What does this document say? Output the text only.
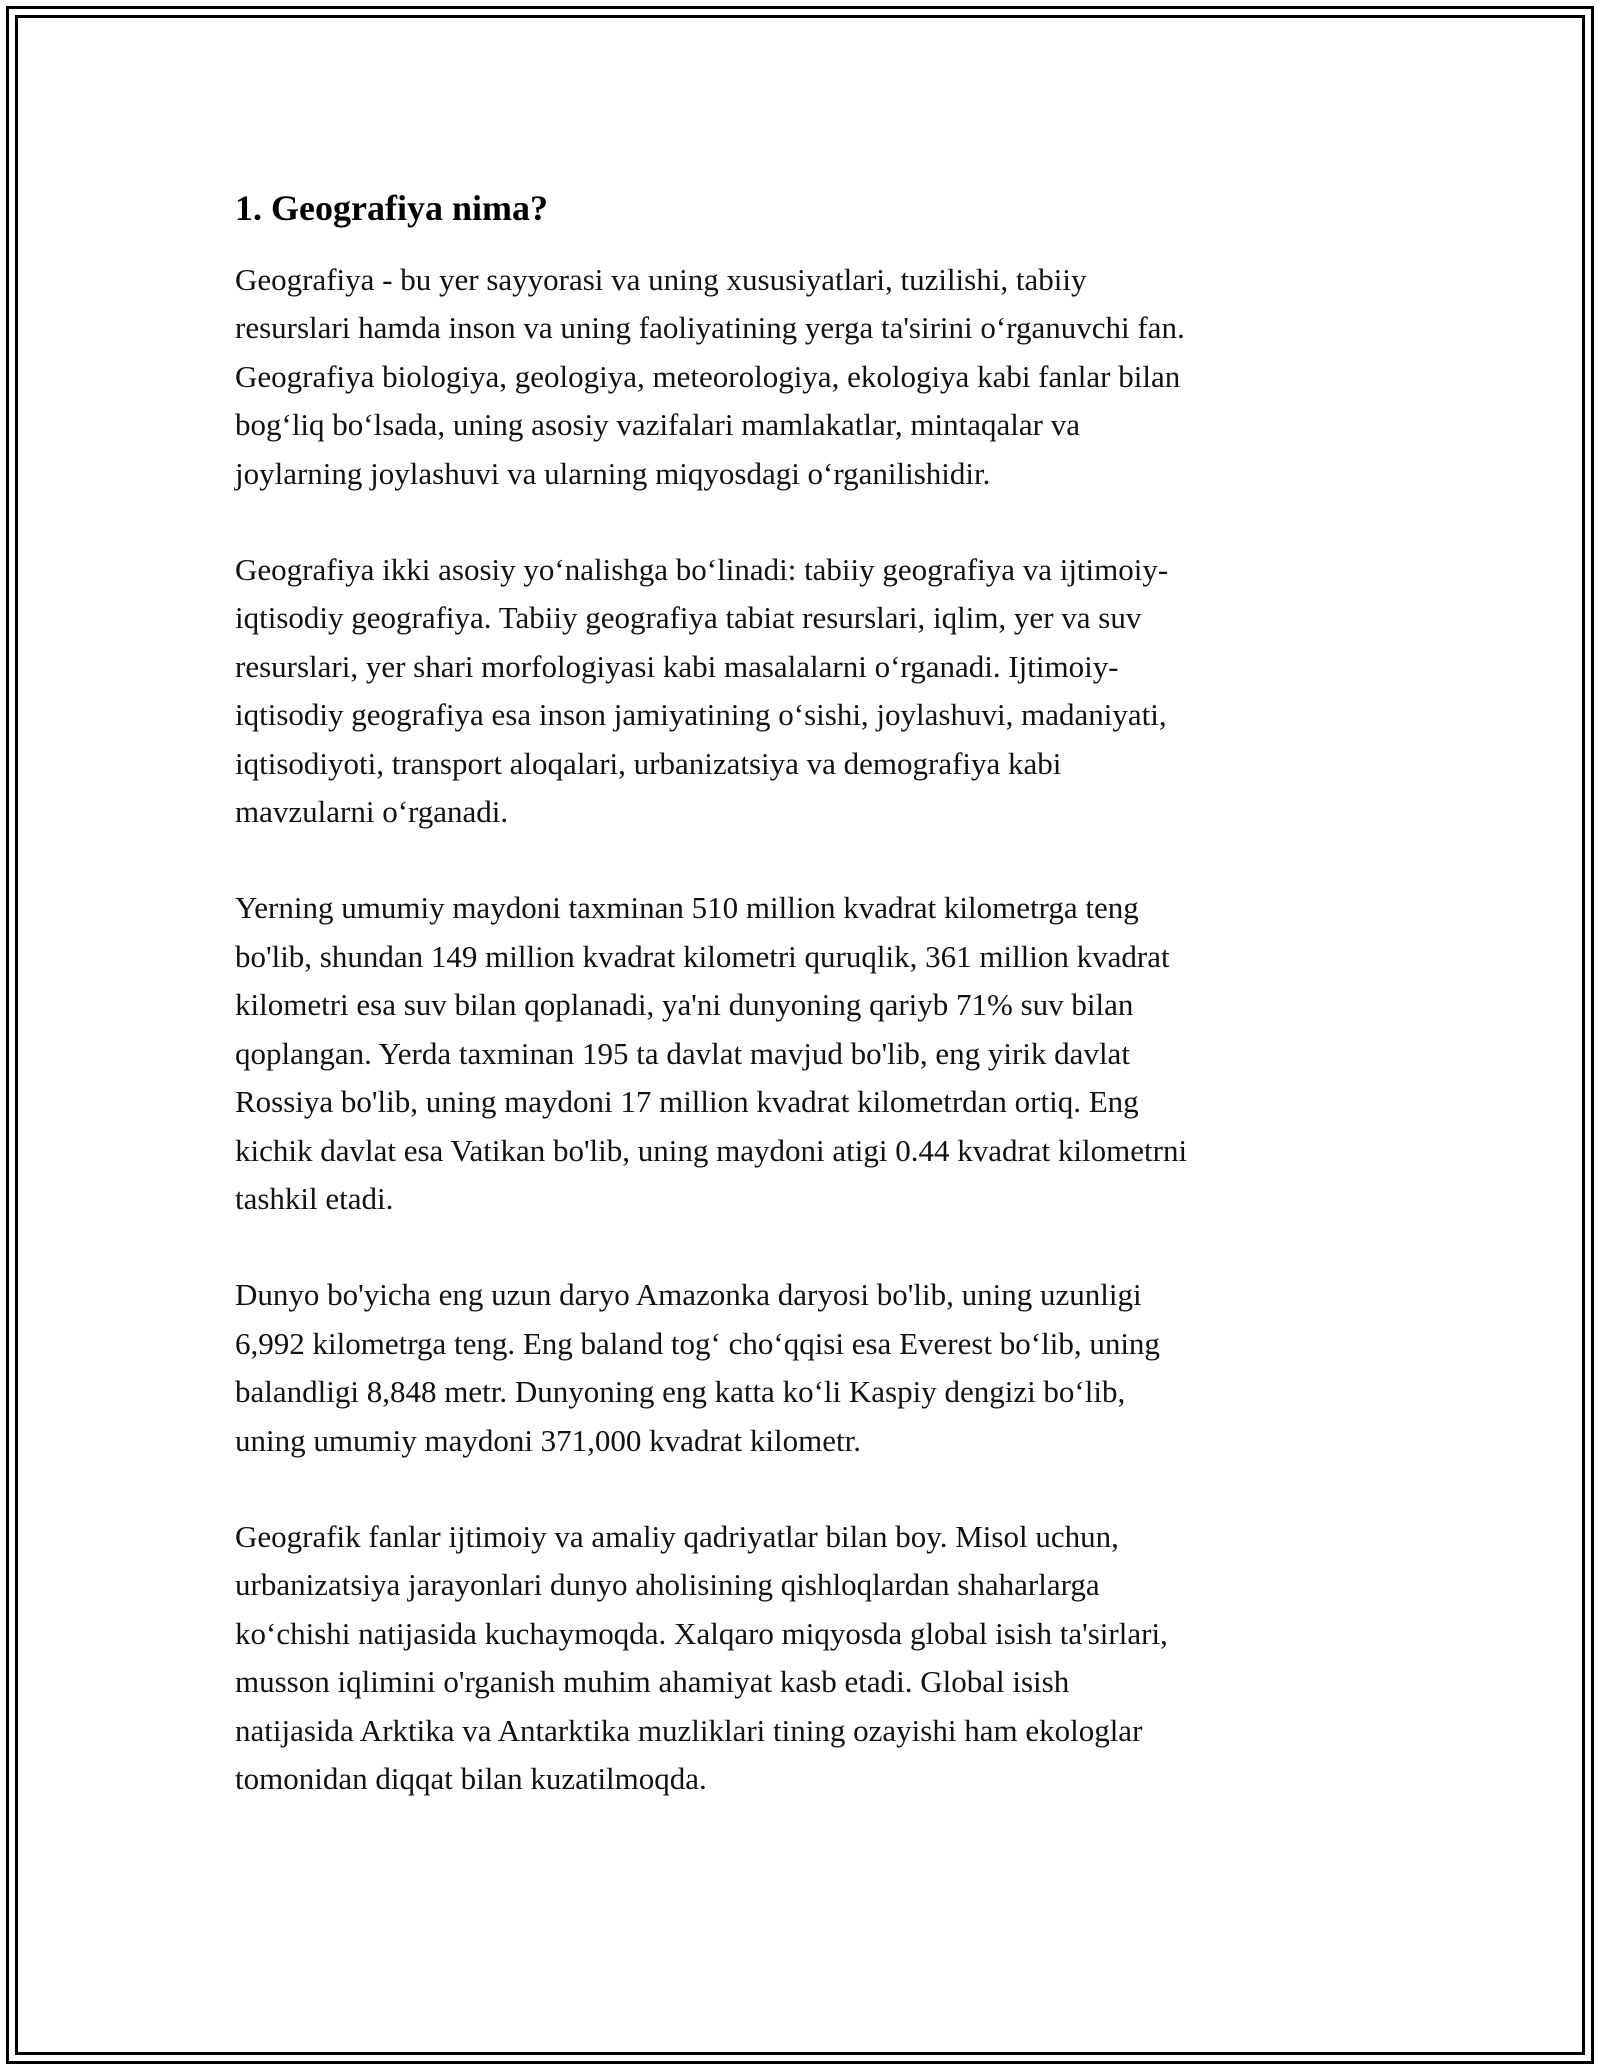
1. Geografiya nima?

Geografiya - bu yer sayyorasi va uning xususiyatlari, tuzilishi, tabiiy
resurslari hamda inson va uning faoliyatining yerga ta'sirini o‘rganuvchi fan.
Geografiya biologiya, geologiya, meteorologiya, ekologiya kabi fanlar bilan
bog‘liq bo‘lsada, uning asosiy vazifalari mamlakatlar, mintaqalar va
joylarning joylashuvi va ularning miqyosdagi o‘rganilishidir.

Geografiya ikki asosiy yo‘nalishga bo‘linadi: tabiiy geografiya va ijtimoiy-
iqtisodiy geografiya. Tabiiy geografiya tabiat resurslari, iqlim, yer va suv
resurslari, yer shari morfologiyasi kabi masalalarni o‘rganadi. Ijtimoiy-
iqtisodiy geografiya esa inson jamiyatining o‘sishi, joylashuvi, madaniyati,
iqtisodiyoti, transport aloqalari, urbanizatsiya va demografiya kabi
mavzularni o‘rganadi.

Yerning umumiy maydoni taxminan 510 million kvadrat kilometrga teng
bo'lib, shundan 149 million kvadrat kilometri quruqlik, 361 million kvadrat
kilometri esa suv bilan qoplanadi, ya'ni dunyoning qariyb 71% suv bilan
qoplangan. Yerda taxminan 195 ta davlat mavjud bo'lib, eng yirik davlat
Rossiya bo'lib, uning maydoni 17 million kvadrat kilometrdan ortiq. Eng
kichik davlat esa Vatikan bo'lib, uning maydoni atigi 0.44 kvadrat kilometrni
tashkil etadi.

Dunyo bo'yicha eng uzun daryo Amazonka daryosi bo'lib, uning uzunligi
6,992 kilometrga teng. Eng baland tog‘ cho‘qqisi esa Everest bo‘lib, uning
balandligi 8,848 metr. Dunyoning eng katta ko‘li Kaspiy dengizi bo‘lib,
uning umumiy maydoni 371,000 kvadrat kilometr.

Geografik fanlar ijtimoiy va amaliy qadriyatlar bilan boy. Misol uchun,
urbanizatsiya jarayonlari dunyo aholisining qishloqlardan shaharlarga
ko‘chishi natijasida kuchaymoqda. Xalqaro miqyosda global isish ta'sirlari,
musson iqlimini o'rganish muhim ahamiyat kasb etadi. Global isish
natijasida Arktika va Antarktika muzliklari tining ozayishi ham ekologlar
tomonidan diqqat bilan kuzatilmoqda.
